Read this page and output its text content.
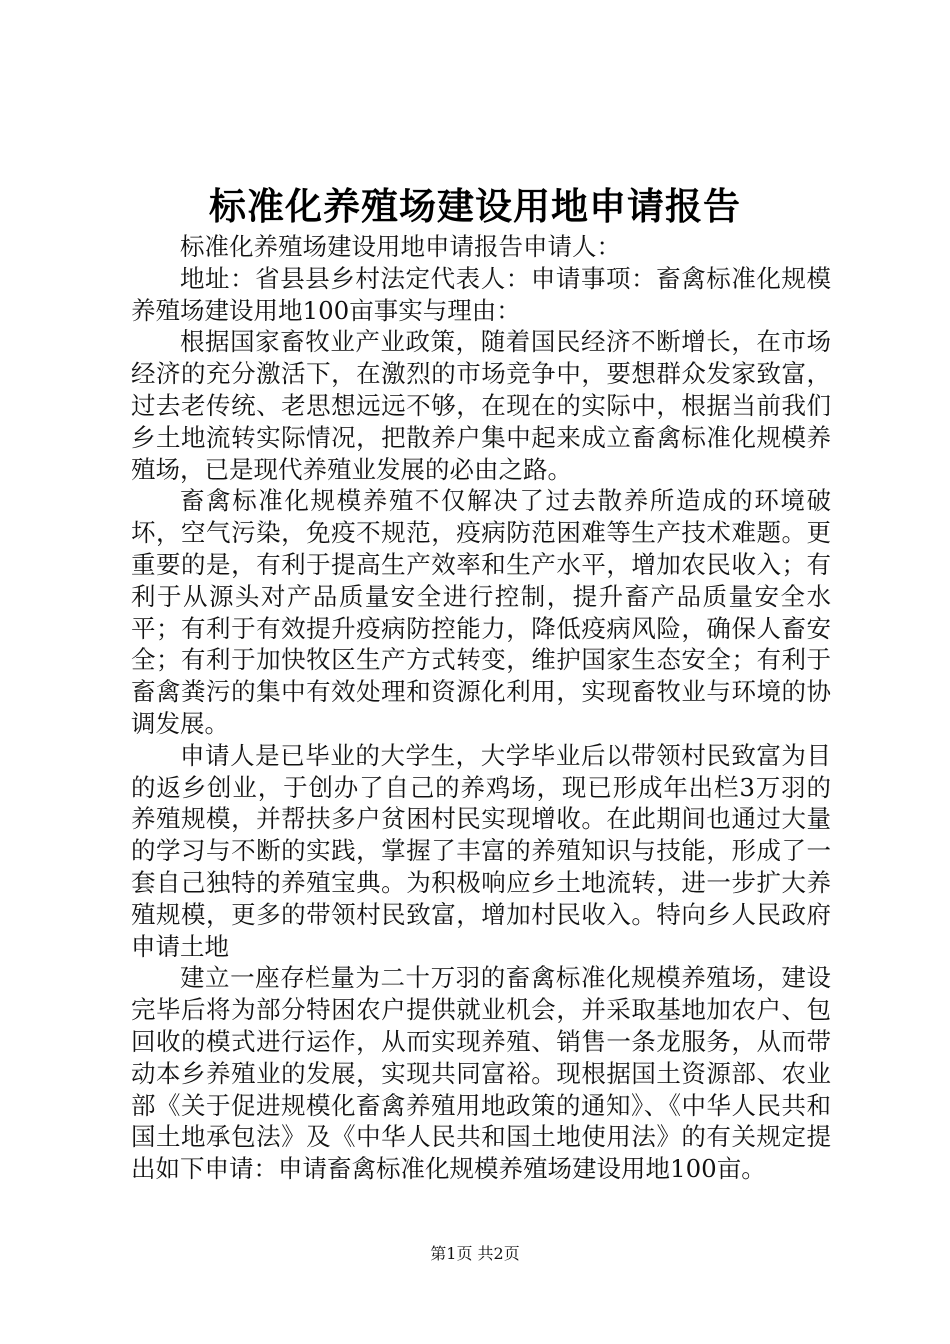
标准化养殖场建设用地申请报告

标准化养殖场建设用地申请报告申请人：

地址：省县县乡村法定代表人：申请事项：畜禽标准化规模养殖场建设用地100亩事实与理由：

根据国家畜牧业产业政策，随着国民经济不断增长，在市场经济的充分激活下，在激烈的市场竞争中，要想群众发家致富，过去老传统、老思想远远不够，在现在的实际中，根据当前我们乡土地流转实际情况，把散养户集中起来成立畜禽标准化规模养殖场，已是现代养殖业发展的必由之路。

畜禽标准化规模养殖不仅解决了过去散养所造成的环境破坏，空气污染，免疫不规范，疫病防范困难等生产技术难题。更重要的是，有利于提高生产效率和生产水平，增加农民收入；有利于从源头对产品质量安全进行控制，提升畜产品质量安全水平；有利于有效提升疫病防控能力，降低疫病风险，确保人畜安全；有利于加快牧区生产方式转变，维护国家生态安全；有利于畜禽粪污的集中有效处理和资源化利用，实现畜牧业与环境的协调发展。

申请人是已毕业的大学生，大学毕业后以带领村民致富为目的返乡创业，于创办了自己的养鸡场，现已形成年出栏3万羽的养殖规模，并帮扶多户贫困村民实现增收。在此期间也通过大量的学习与不断的实践，掌握了丰富的养殖知识与技能，形成了一套自己独特的养殖宝典。为积极响应乡土地流转，进一步扩大养殖规模，更多的带领村民致富，增加村民收入。特向乡人民政府申请土地

建立一座存栏量为二十万羽的畜禽标准化规模养殖场，建设完毕后将为部分特困农户提供就业机会，并采取基地加农户、包回收的模式进行运作，从而实现养殖、销售一条龙服务，从而带动本乡养殖业的发展，实现共同富裕。现根据国土资源部、农业部《关于促进规模化畜禽养殖用地政策的通知》、《中华人民共和国土地承包法》及《中华人民共和国土地使用法》的有关规定提出如下申请：申请畜禽标准化规模养殖场建设用地100亩。

第1页 共2页
